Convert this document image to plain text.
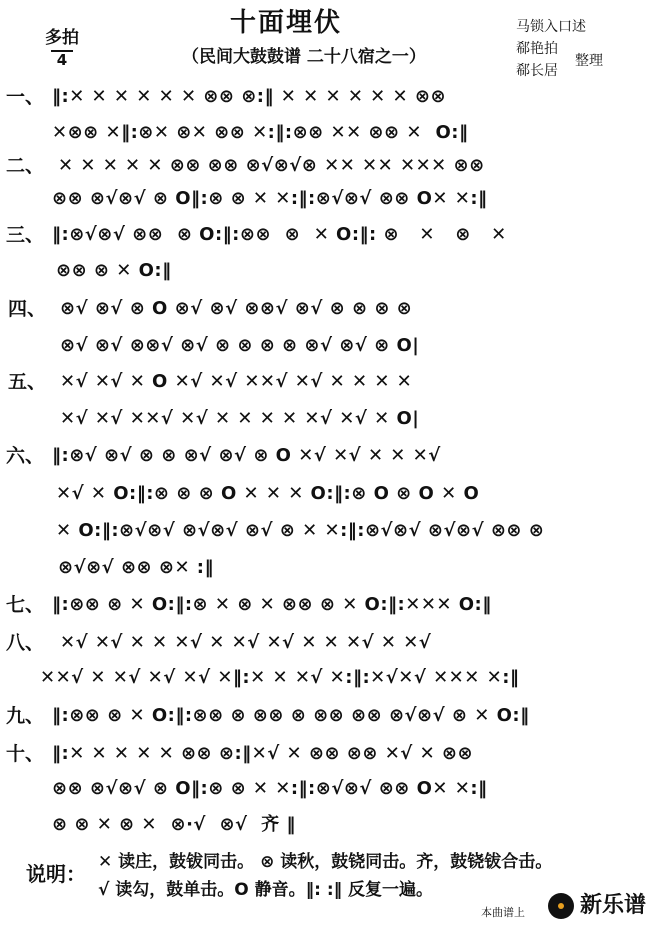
多拍
4
十面埋伏
（民间大鼓鼓谱 二十八宿之一）
马锁入口述
郗艳拍
郗长居
整理
一、 ‖:✕ ✕ ✕ ✕ ✕ ✕ ⊗⊗ ⊗:‖ ✕ ✕ ✕ ✕ ✕ ✕ ⊗⊗
✕⊗⊗ ✕‖:⊗✕ ⊗✕ ⊗⊗ ✕:‖:⊗⊗ ✕✕ ⊗⊗ ✕  O:‖
二、 ✕ ✕ ✕ ✕ ✕ ⊗⊗ ⊗⊗ ⊗√⊗√⊗ ✕✕ ✕✕ ✕✕✕ ⊗⊗
⊗⊗ ⊗√⊗√ ⊗ O‖:⊗ ⊗ ✕ ✕:‖:⊗√⊗√ ⊗⊗ O✕ ✕:‖
三、 ‖:⊗√⊗√ ⊗⊗  ⊗ O:‖:⊗⊗  ⊗  ✕ O:‖: ⊗   ✕   ⊗   ✕
⊗⊗ ⊗ ✕ O:‖
四、 ⊗√ ⊗√ ⊗ O ⊗√ ⊗√ ⊗⊗√ ⊗√ ⊗ ⊗ ⊗ ⊗
⊗√ ⊗√ ⊗⊗√ ⊗√ ⊗ ⊗ ⊗ ⊗ ⊗√ ⊗√ ⊗ O|
五、 ✕√ ✕√ ✕ O ✕√ ✕√ ✕✕√ ✕√ ✕ ✕ ✕ ✕
✕√ ✕√ ✕✕√ ✕√ ✕ ✕ ✕ ✕ ✕√ ✕√ ✕ O|
六、 ‖:⊗√ ⊗√ ⊗ ⊗ ⊗√ ⊗√ ⊗ O ✕√ ✕√ ✕ ✕ ✕√
✕√ ✕ O:‖:⊗ ⊗ ⊗ O ✕ ✕ ✕ O:‖:⊗ O ⊗ O ✕ O
✕ O:‖:⊗√⊗√ ⊗√⊗√ ⊗√ ⊗ ✕ ✕:‖:⊗√⊗√ ⊗√⊗√ ⊗⊗ ⊗
⊗√⊗√ ⊗⊗ ⊗✕ :‖
七、 ‖:⊗⊗ ⊗ ✕ O:‖:⊗ ✕ ⊗ ✕ ⊗⊗ ⊗ ✕ O:‖:✕✕✕ O:‖
八、 ✕√ ✕√ ✕ ✕ ✕√ ✕ ✕√ ✕√ ✕ ✕ ✕√ ✕ ✕√
✕✕√ ✕ ✕√ ✕√ ✕√ ✕‖:✕ ✕ ✕√ ✕:‖:✕√✕√ ✕✕✕ ✕:‖
九、 ‖:⊗⊗ ⊗ ✕ O:‖:⊗⊗ ⊗ ⊗⊗ ⊗ ⊗⊗ ⊗⊗ ⊗√⊗√ ⊗ ✕ O:‖
十、 ‖:✕ ✕ ✕ ✕ ✕ ⊗⊗ ⊗:‖✕√ ✕ ⊗⊗ ⊗⊗ ✕√ ✕ ⊗⊗
⊗⊗ ⊗√⊗√ ⊗ O‖:⊗ ⊗ ✕ ✕:‖:⊗√⊗√ ⊗⊗ O✕ ✕:‖
⊗ ⊗ ✕ ⊗ ✕  ⊗·√  ⊗√  齐 ‖
说明： ✕ 读庄，鼓钹同击。 ⊗ 读秋，鼓铙同击。齐，鼓铙钹合击。
√ 读勾，鼓单击。O 静音。‖: :‖ 反复一遍。
本曲谱上	新乐谱
